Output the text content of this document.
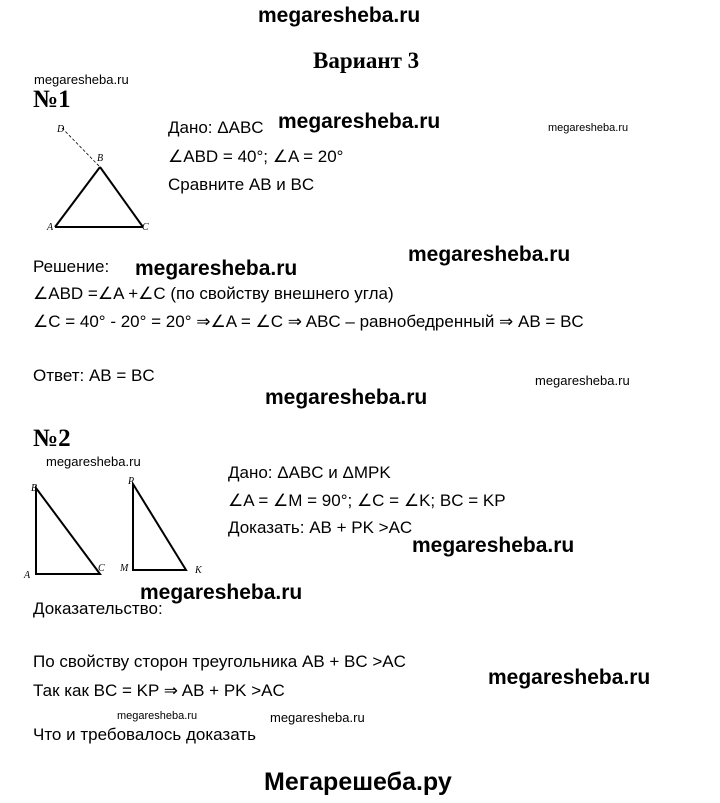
megaresheba.ru
Вариант 3
megaresheba.ru
№1
D
B
A	C
Дано: ΔABC megaresheba.ru	megaresheba.ru
∠ABD = 40°; ∠A = 20°
Сравните AB и BC
megaresheba.ru
Решение: megaresheba.ru
∠ABD =∠A +∠C (по свойству внешнего угла)
∠C = 40° - 20° = 20° ⇒∠A = ∠C ⇒ ABC – равнобедренный ⇒ AB = BC
Ответ: AB = BC	megaresheba.ru
megaresheba.ru
№2
megaresheba.ru
B
A
C
P
M	K
Дано: ΔABC и ΔMPK
∠A = ∠M = 90°; ∠C = ∠K; BC = KP
Доказать: AB + PK >AC
megaresheba.ru
megaresheba.ru
Доказательство:
По свойству сторон треугольника AB + BC >AC
megaresheba.ru
Так как BC = KP ⇒ AB + PK >AC
megaresheba.ru	megaresheba.ru
Что и требовалось доказать
Мегарешеба.ру
